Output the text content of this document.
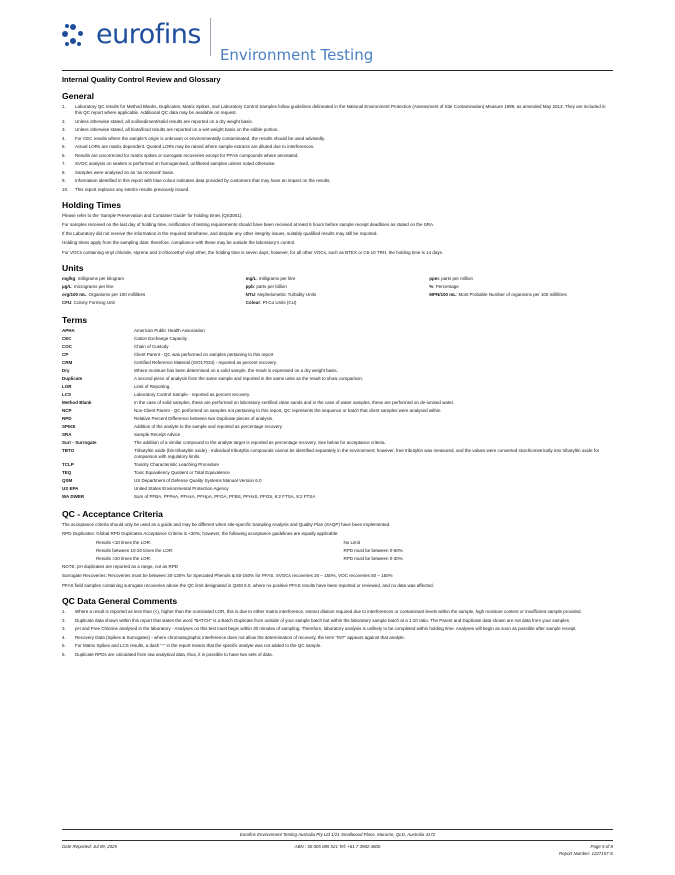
eurofins
Environment Testing
Internal Quality Control Review and Glossary
General
1.	Laboratory QC results for Method Blanks, Duplicates, Matrix Spikes, and Laboratory Control Samples follow guidelines delineated in the National Environment Protection (Assessment of Site Contamination) Measure 1999, as amended May 2013. They are included in this QC report where applicable. Additional QC data may be available on request.
2.	Unless otherwise stated, all soil/sediment/solid results are reported on a dry weight basis.
3.	Unless otherwise stated, all biota/food results are reported on a wet weight basis on the edible portion.
4.	For CEC results where the sample's origin is unknown or environmentally contaminated, the results should be used advisedly.
5.	Actual LORs are matrix dependent. Quoted LORs may be raised where sample extracts are diluted due to interferences.
6.	Results are uncorrected for matrix spikes or surrogate recoveries except for PFAS compounds where annotated.
7.	SVOC analysis on sealers is performed on homogenised, unfiltered samples unless noted otherwise.
8.	Samples were analysed on an 'as received' basis.
9.	Information identified in this report with blue colour indicates data provided by customers that may have an impact on the results.
10.	This report replaces any interim results previously issued.
Holding Times

Please refer to the 'Sample Preservation and Container Guide' for holding times (QS3001).

For samples received on the last day of holding time, notification of testing requirements should have been received at least 6 hours before sample receipt deadlines as stated on the SRA.

If the Laboratory did not receive the information in the required timeframe, and despite any other integrity issues, suitably qualified results may still be reported.

Holding times apply from the sampling date; therefore, compliance with these may be outside the laboratory's control.

For VOCs containing vinyl chloride, styrene and 2-chloroethyl vinyl ether, the holding time is seven days; however, for all other VOCs, such as BTEX or C6-10 TRH, the holding time is 14 days.

Units
mg/kg: milligrams per kilogram	mg/L: milligrams per litre	ppm: parts per million
µg/L: micrograms per litre	ppb: parts per billion	%: Percentage
org/100 mL: Organisms per 100 millilitres	NTU: Nephelometric Turbidity Units	MPN/100 mL: Most Probable Number of organisms per 100 millilitres
CFU: Colony Forming Unit	Colour: Pt-Co Units (CU)
Terms
APHA	American Public Health Association
CEC	Cation Exchange Capacity
COC	Chain of Custody
CP	Client Parent - QC was performed on samples pertaining to this report
CRM	Certified Reference Material (ISO17034) - reported as percent recovery.
Dry	Where moisture has been determined on a solid sample, the result is expressed on a dry weight basis.
Duplicate	A second piece of analysis from the same sample and reported in the same units as the result to show comparison.
LOR	Limit of Reporting.
LCS	Laboratory Control Sample - reported as percent recovery.
Method Blank	In the case of solid samples, these are performed on laboratory-certified clean sands and in the case of water samples, these are performed on de-ionised water.
NCP	Non-Client Parent - QC performed on samples not pertaining to this report, QC represents the sequence or batch that client samples were analysed within.
RPD	Relative Percent Difference between two Duplicate pieces of analysis.
SPIKE	Addition of the analyte to the sample and reported as percentage recovery.
SRA	Sample Receipt Advice
Surr - Surrogate	The addition of a similar compound to the analyte target is reported as percentage recovery. See below for acceptance criteria.
TBTO	Tributyltin oxide (bis-tributyltin oxide) - Individual tributyltin compounds cannot be identified separately in the environment; however, free tributyltin was measured, and the values were converted stoichiometrically into tributyltin oxide for comparison with regulatory limits.
TCLP	Toxicity Characteristic Leaching Procedure
TEQ	Toxic Equivalency Quotient or Total Equivalence
QSM	US Department of Defense Quality Systems Manual Version 6.0
US EPA	United States Environmental Protection Agency
WA DWER	Sum of PFBA, PFPeA, PFHxA, PFHpA, PFOA, PFBS, PFHxS, PFOS, 6:2 FTSA, 8:2 FTSA
QC - Acceptance Criteria

The acceptance criteria should only be used as a guide and may be different when site-specific Sampling Analysis and Quality Plan (SAQP) have been implemented.

RPD Duplicates: Global RPD Duplicates Acceptance Criteria is <30%; however, the following acceptance guidelines are equally applicable:

Results <10 times the LOR:	No Limit
Results between 10-20 times the LOR:	RPD must be between 0-50%
Results >20 times the LOR:	RPD must be between 0-30%

NOTE: pH duplicates are reported as a range, not as RPD

Surrogate Recoveries: Recoveries must be between 20-130% for Speciated Phenols & 50-150% for PFAS. SVOCs recoveries 20 – 150%, VOC recoveries 50 – 150%

PFAS field samples containing surrogate recoveries above the QC limit designated in QSM 6.0, where no positive PFAS results have been reported or reviewed, and no data was affected.

QC Data General Comments
1.	Where a result is reported as less than (<), higher than the nominated LOR, this is due to either matrix interference, extract dilution required due to interferences or contaminant levels within the sample, high moisture content or insufficient sample provided.
2.	Duplicate data shown within this report that states the word "BATCH" is a Batch Duplicate from outside of your sample batch but within the laboratory sample batch at a 1:10 ratio. The Parent and Duplicate data shown are not data from your samples.
3.	pH and Free Chlorine analysed in the laboratory - Analyses on this test must begin within 30 minutes of sampling. Therefore, laboratory analysis is unlikely to be completed within holding time. Analyses will begin as soon as possible after sample receipt.
4.	Recovery Data (Spikes & Surrogates) - where chromatographic interference does not allow the determination of recovery, the term "INT" appears against that analyte.
5.	For Matrix Spikes and LCS results, a dash "-" in the report means that the specific analyte was not added to the QC sample.
6.	Duplicate RPDs are calculated from raw analytical data, thus, it is possible to have two sets of data.
Eurofins Environment Testing Australia Pty Ltd 1/21 Smallwood Place, Murarrie, QLD, Australia 4172
Date Reported: Jul 09, 2025	ABN : 50 005 085 521 Tel: +61 7 3902 4600	Page 5 of 8
Report Number: 1227157-S
